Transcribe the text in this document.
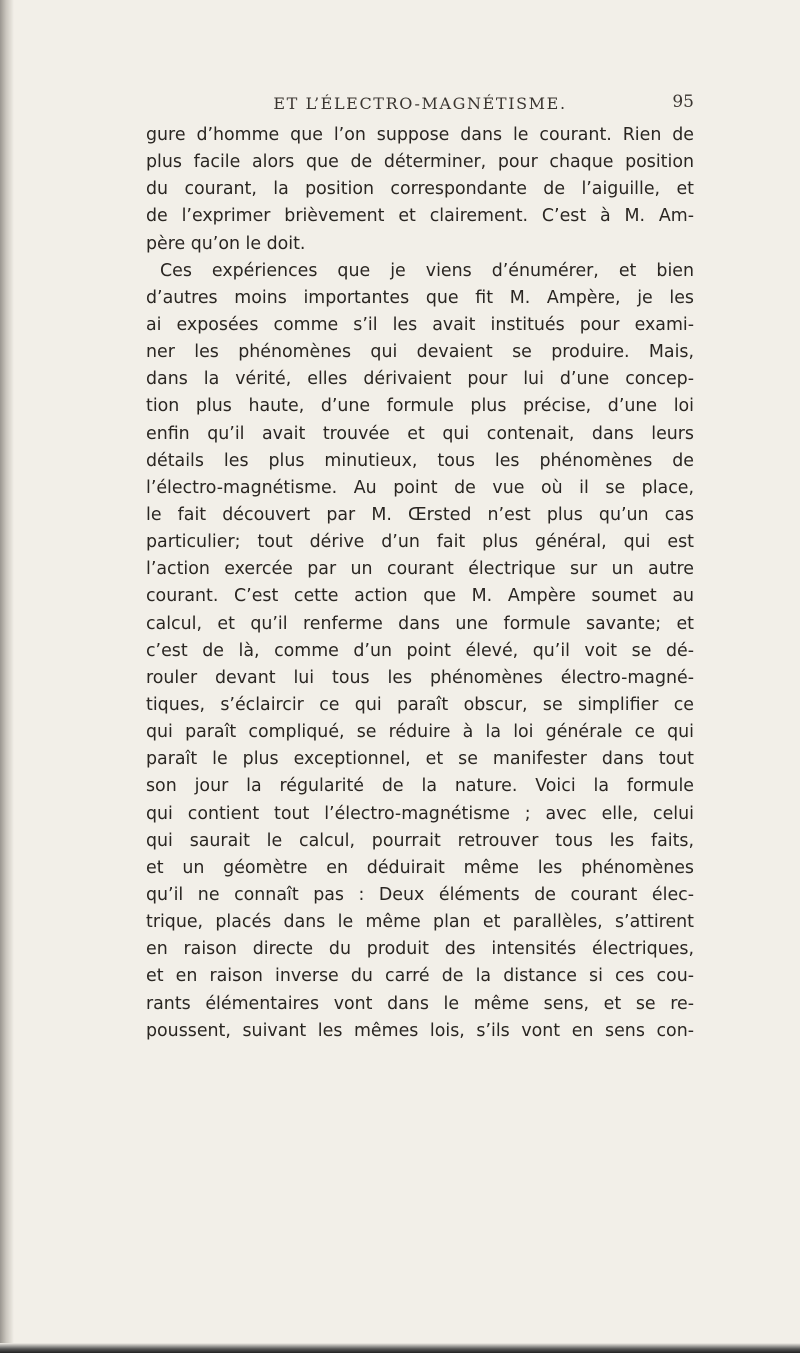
ET L’ÉLECTRO-MAGNÉTISME.	95
gure d’homme que l’on suppose dans le courant. Rien de
plus facile alors que de déterminer, pour chaque position
du courant, la position correspondante de l’aiguille, et
de l’exprimer brièvement et clairement. C’est à M. Am-
père qu’on le doit.
Ces expériences que je viens d’énumérer, et bien
d’autres moins importantes que fit M. Ampère, je les
ai exposées comme s’il les avait institués pour exami-
ner les phénomènes qui devaient se produire. Mais,
dans la vérité, elles dérivaient pour lui d’une concep-
tion plus haute, d’une formule plus précise, d’une loi
enfin qu’il avait trouvée et qui contenait, dans leurs
détails les plus minutieux, tous les phénomènes de
l’électro-magnétisme. Au point de vue où il se place,
le fait découvert par M. Œrsted n’est plus qu’un cas
particulier; tout dérive d’un fait plus général, qui est
l’action exercée par un courant électrique sur un autre
courant. C’est cette action que M. Ampère soumet au
calcul, et qu’il renferme dans une formule savante; et
c’est de là, comme d’un point élevé, qu’il voit se dé-
rouler devant lui tous les phénomènes électro-magné-
tiques, s’éclaircir ce qui paraît obscur, se simplifier ce
qui paraît compliqué, se réduire à la loi générale ce qui
paraît le plus exceptionnel, et se manifester dans tout
son jour la régularité de la nature. Voici la formule
qui contient tout l’électro-magnétisme ; avec elle, celui
qui saurait le calcul, pourrait retrouver tous les faits,
et un géomètre en déduirait même les phénomènes
qu’il ne connaît pas : Deux éléments de courant élec-
trique, placés dans le même plan et parallèles, s’attirent
en raison directe du produit des intensités électriques,
et en raison inverse du carré de la distance si ces cou-
rants élémentaires vont dans le même sens, et se re-
poussent, suivant les mêmes lois, s’ils vont en sens con-
